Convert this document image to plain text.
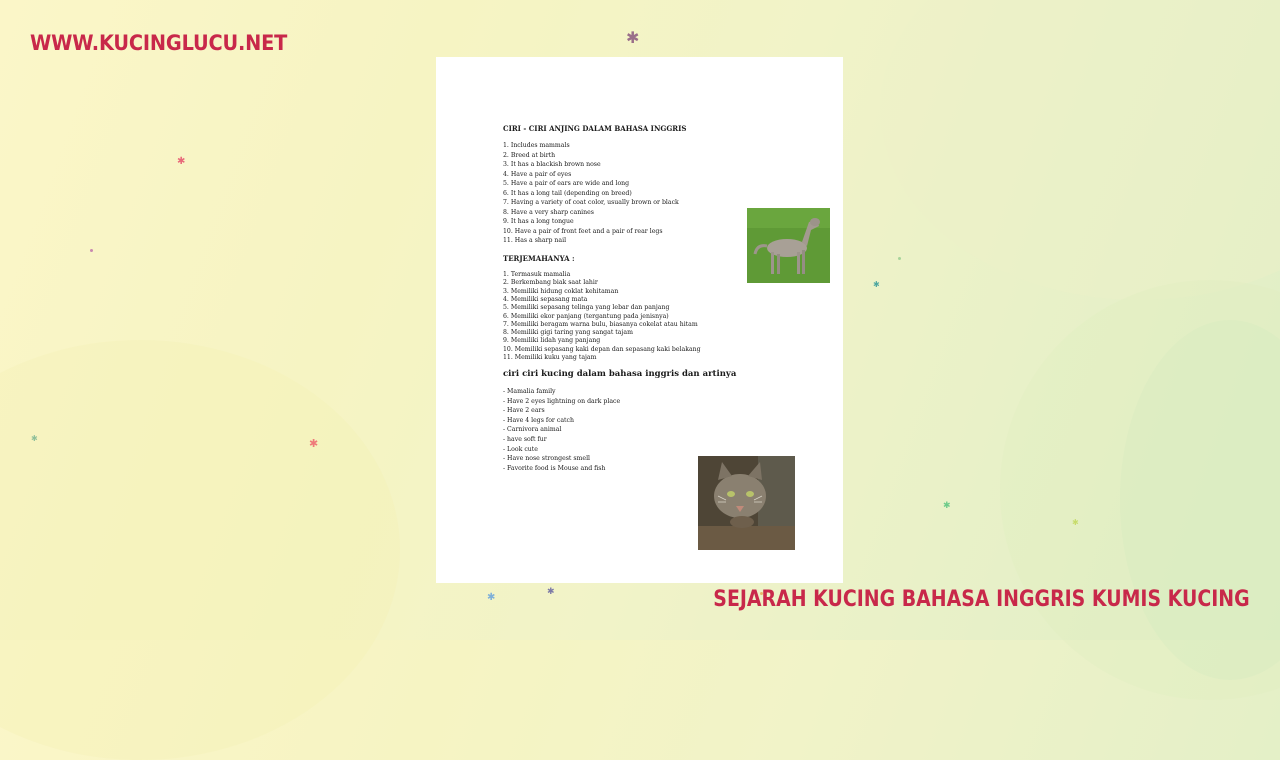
✱
✱
✱
✱
✱
✱	✱
✱
✱
WWW.KUCINGLUCU.NET
CIRI - CIRI ANJING DALAM BAHASA INGGRIS
1. Includes mammals
2. Breed at birth
3. It has a blackish brown nose
4. Have a pair of eyes
5. Have a pair of ears are wide and long
6. It has a long tail (depending on breed)
7. Having a variety of coat color, usually brown or black
8. Have a very sharp canines
9. It has a long tongue
10. Have a pair of front feet and a pair of rear legs
11. Has a sharp nail
TERJEMAHANYA :
1. Termasuk mamalia
2. Berkembang biak saat lahir
3. Memiliki hidung coklat kehitaman
4. Memiliki sepasang mata
5. Memiliki sepasang telinga yang lebar dan panjang
6. Memiliki ekor panjang (tergantung pada jenisnya)
7. Memiliki beragam warna bulu, biasanya cokelat atau hitam
8. Memiliki gigi taring yang sangat tajam
9. Memiliki lidah yang panjang
10. Memiliki sepasang kaki depan dan sepasang kaki belakang
11. Memiliki kuku yang tajam
ciri ciri kucing dalam bahasa inggris dan artinya
- Mamalia family
- Have 2 eyes lightning on dark place
- Have 2 ears
- Have 4 legs for catch
- Carnivora animal
- have soft fur
- Look cute
- Have nose strongest smell
- Favorite food is Mouse and fish
SEJARAH KUCING BAHASA INGGRIS KUMIS KUCING
